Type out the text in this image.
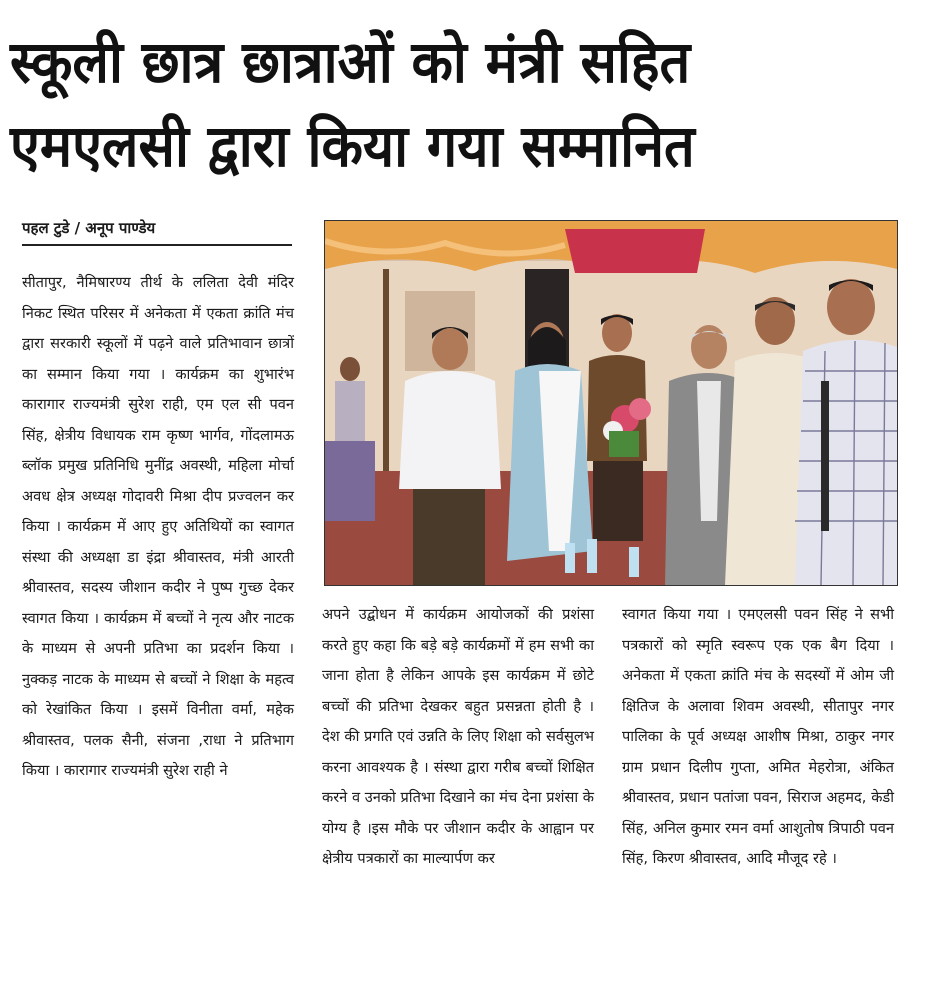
स्कूली छात्र छात्राओं को मंत्री सहित
एमएलसी द्वारा किया गया सम्मानित
पहल टुडे / अनूप पाण्डेय
सीतापुर, नैमिषारण्य तीर्थ के ललिता देवी मंदिर निकट स्थित परिसर में अनेकता में एकता क्रांति मंच द्वारा सरकारी स्कूलों में पढ़ने वाले प्रतिभावान छात्रों का सम्मान किया गया । कार्यक्रम का शुभारंभ कारागार राज्यमंत्री सुरेश राही, एम एल सी पवन सिंह, क्षेत्रीय विधायक राम कृष्ण भार्गव, गोंदलामऊ ब्लॉक प्रमुख प्रतिनिधि मुनींद्र अवस्थी, महिला मोर्चा अवध क्षेत्र अध्यक्ष गोदावरी मिश्रा दीप प्रज्वलन कर किया । कार्यक्रम में आए हुए अतिथियों का स्वागत संस्था की अध्यक्षा डा इंद्रा श्रीवास्तव, मंत्री आरती श्रीवास्तव, सदस्य जीशान कदीर ने पुष्प गुच्छ देकर स्वागत किया । कार्यक्रम में बच्चों ने नृत्य और नाटक के माध्यम से अपनी प्रतिभा का प्रदर्शन किया । नुक्कड़ नाटक के माध्यम से बच्चों ने शिक्षा के महत्व को रेखांकित किया । इसमें विनीता वर्मा, महेक श्रीवास्तव, पलक सैनी, संजना ,राधा ने प्रतिभाग किया । कारागार राज्यमंत्री सुरेश राही ने
अपने उद्बोधन में कार्यक्रम आयोजकों की प्रशंसा करते हुए कहा कि बड़े बड़े कार्यक्रमों में हम सभी का जाना होता है लेकिन आपके इस कार्यक्रम में छोटे बच्चों की प्रतिभा देखकर बहुत प्रसन्नता होती है । देश की प्रगति एवं उन्नति के लिए शिक्षा को सर्वसुलभ करना आवश्यक है । संस्था द्वारा गरीब बच्चों शिक्षित करने व उनको प्रतिभा दिखाने का मंच देना प्रशंसा के योग्य है ।इस मौके पर जीशान कदीर के आह्वान पर क्षेत्रीय पत्रकारों का माल्यार्पण कर
स्वागत किया गया । एमएलसी पवन सिंह ने सभी पत्रकारों को स्मृति स्वरूप एक एक बैग दिया । अनेकता में एकता क्रांति मंच के सदस्यों में ओम जी क्षितिज के अलावा शिवम अवस्थी, सीतापुर नगर पालिका के पूर्व अध्यक्ष आशीष मिश्रा, ठाकुर नगर ग्राम प्रधान दिलीप गुप्ता, अमित मेहरोत्रा, अंकित श्रीवास्तव, प्रधान पतांजा पवन, सिराज अहमद, केडी सिंह, अनिल कुमार रमन वर्मा आशुतोष त्रिपाठी पवन सिंह, किरण श्रीवास्तव, आदि मौजूद रहे ।
